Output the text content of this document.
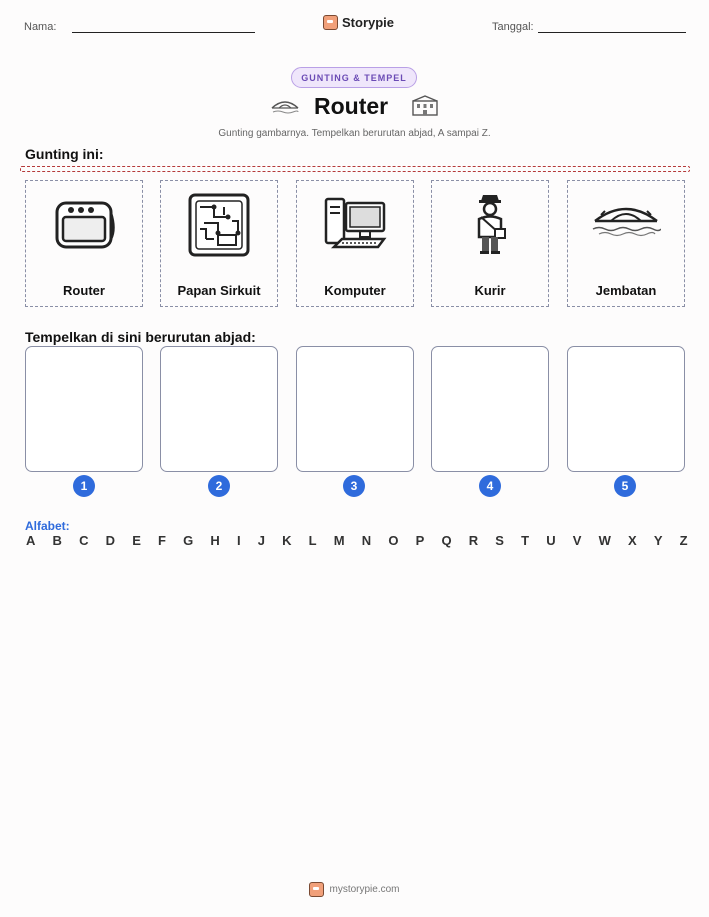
Nama:	Storypie	Tanggal:
GUNTING & TEMPEL
Router
Gunting gambarnya. Tempelkan berurutan abjad, A sampai Z.
Gunting ini:
Router	Papan Sirkuit	Komputer	Kurir	Jembatan
Tempelkan di sini berurutan abjad:
1	2	3	4	5
Alfabet:
A B C D E F G H I J K L M N O P Q R S T U V W X Y Z
mystorypie.com
